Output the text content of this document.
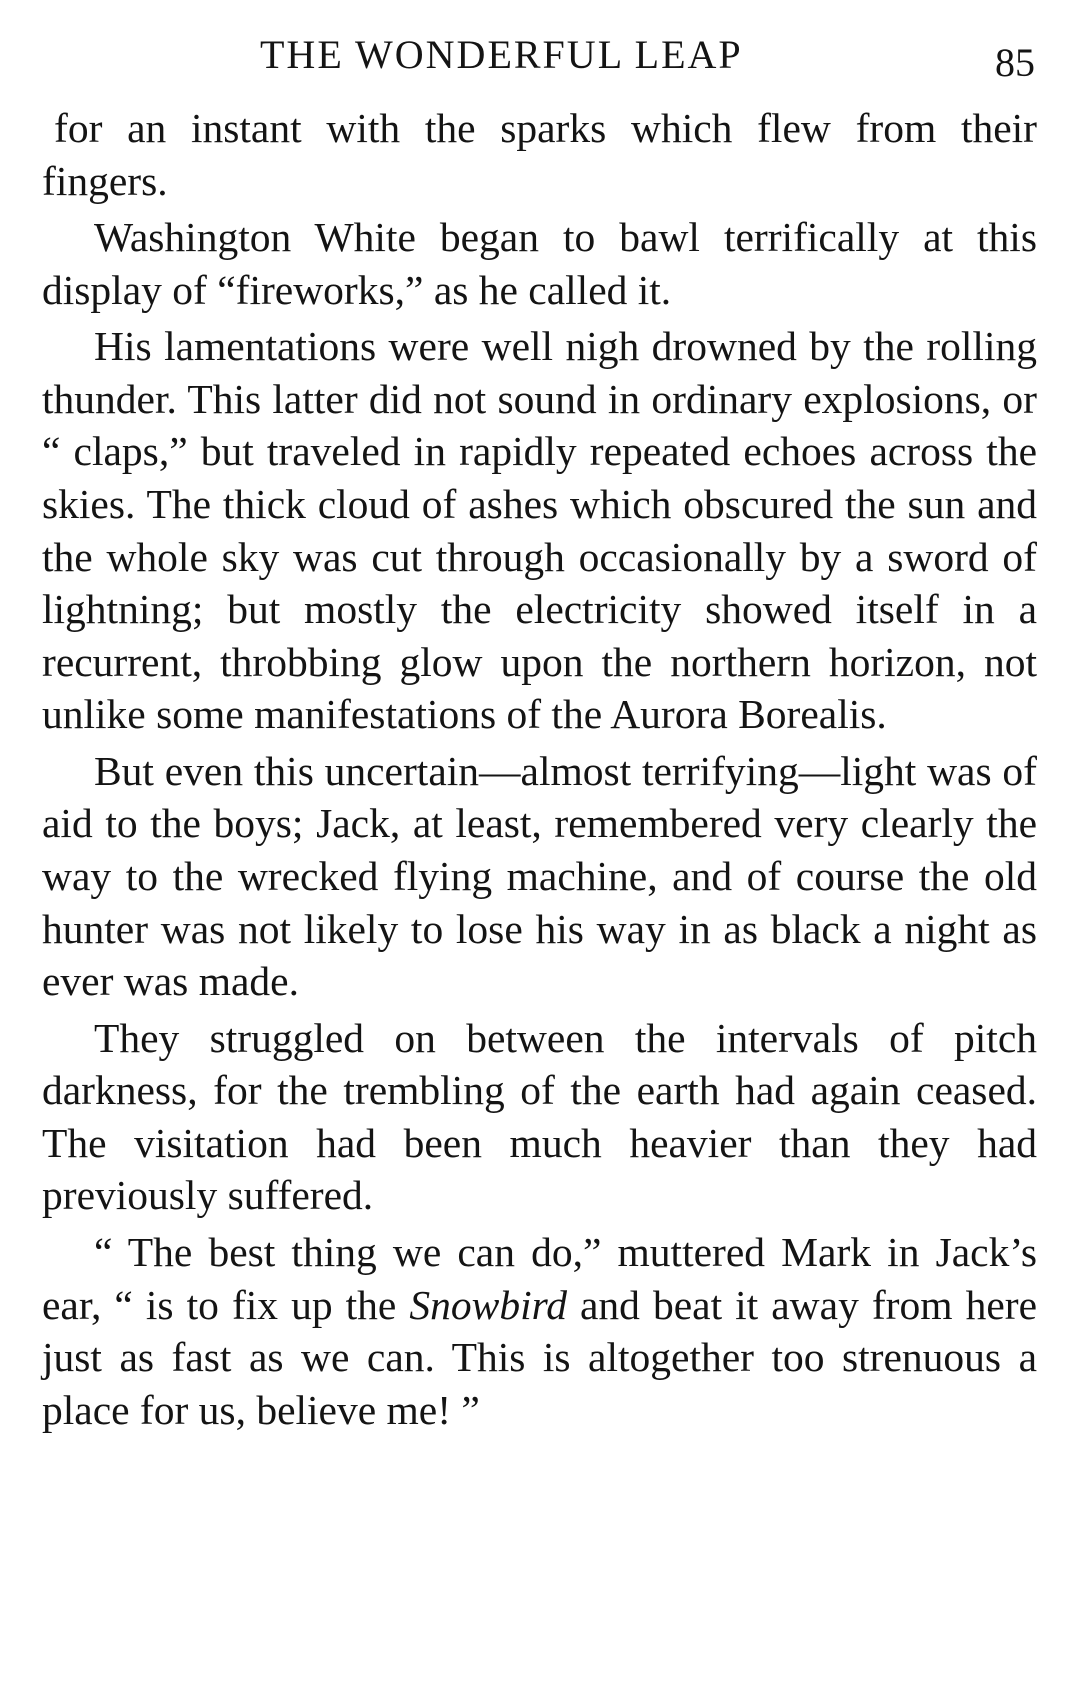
THE WONDERFUL LEAP	85

for an instant with the sparks which flew from their fingers.

Washington White began to bawl terrifically at this display of “fireworks,” as he called it.

His lamentations were well nigh drowned by the rolling thunder. This latter did not sound in ordinary explosions, or “ claps,” but traveled in rapidly repeated echoes across the skies. The thick cloud of ashes which obscured the sun and the whole sky was cut through occasionally by a sword of lightning; but mostly the electricity showed itself in a recurrent, throbbing glow upon the northern horizon, not unlike some manifestations of the Aurora Borealis.

But even this uncertain—almost terrifying—light was of aid to the boys; Jack, at least, remembered very clearly the way to the wrecked flying machine, and of course the old hunter was not likely to lose his way in as black a night as ever was made.

They struggled on between the intervals of pitch darkness, for the trembling of the earth had again ceased. The visitation had been much heavier than they had previously suffered.

“ The best thing we can do,” muttered Mark in Jack’s ear, “ is to fix up the Snowbird and beat it away from here just as fast as we can. This is altogether too strenuous a place for us, believe me! ”
